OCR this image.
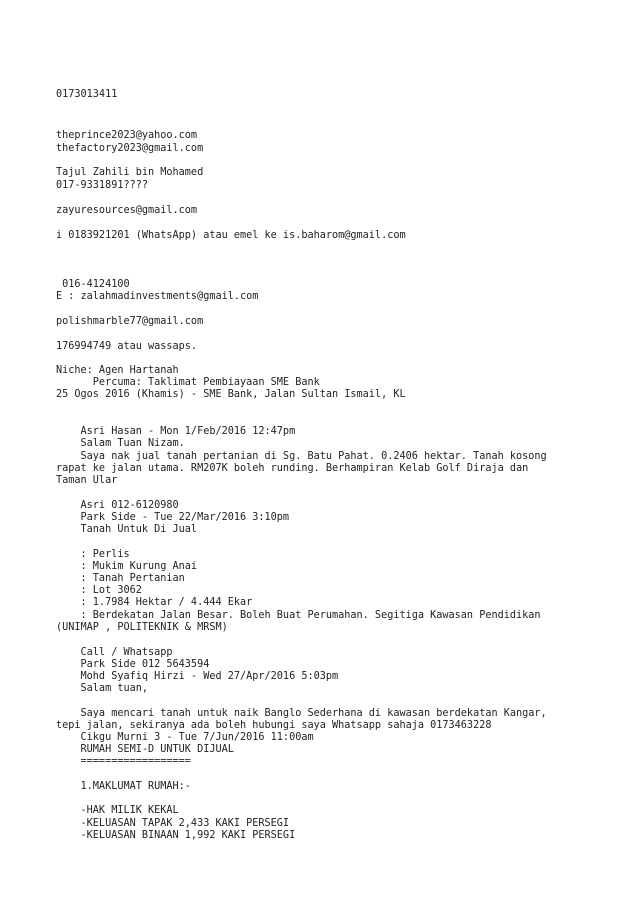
0173013411

theprince2023@yahoo.com

thefactory2023@gmail.com

Tajul Zahili bin Mohamed

017-9331891????

zayuresources@gmail.com

i 0183921201 (WhatsApp) atau emel ke is.baharom@gmail.com

016-4124100

E : zalahmadinvestments@gmail.com

polishmarble77@gmail.com

176994749 atau wassaps.

Niche: Agen Hartanah

Percuma: Taklimat Pembiayaan SME Bank

25 Ogos 2016 (Khamis) - SME Bank, Jalan Sultan Ismail, KL

Asri Hasan - Mon 1/Feb/2016 12:47pm

Salam Tuan Nizam.

Saya nak jual tanah pertanian di Sg. Batu Pahat. 0.2406 hektar. Tanah kosong

rapat ke jalan utama. RM207K boleh runding. Berhampiran Kelab Golf Diraja dan

Taman Ular

Asri 012-6120980

Park Side - Tue 22/Mar/2016 3:10pm

Tanah Untuk Di Jual

: Perlis

: Mukim Kurung Anai

: Tanah Pertanian

: Lot 3062

: 1.7984 Hektar / 4.444 Ekar

: Berdekatan Jalan Besar. Boleh Buat Perumahan. Segitiga Kawasan Pendidikan

(UNIMAP , POLITEKNIK & MRSM)

Call / Whatsapp

Park Side 012 5643594

Mohd Syafiq Hirzi - Wed 27/Apr/2016 5:03pm

Salam tuan,

Saya mencari tanah untuk naik Banglo Sederhana di kawasan berdekatan Kangar,

tepi jalan, sekiranya ada boleh hubungi saya Whatsapp sahaja 0173463228

Cikgu Murni 3 - Tue 7/Jun/2016 11:00am

RUMAH SEMI-D UNTUK DIJUAL

==================

1.MAKLUMAT RUMAH:-

-HAK MILIK KEKAL

-KELUASAN TAPAK 2,433 KAKI PERSEGI

-KELUASAN BINAAN 1,992 KAKI PERSEGI
